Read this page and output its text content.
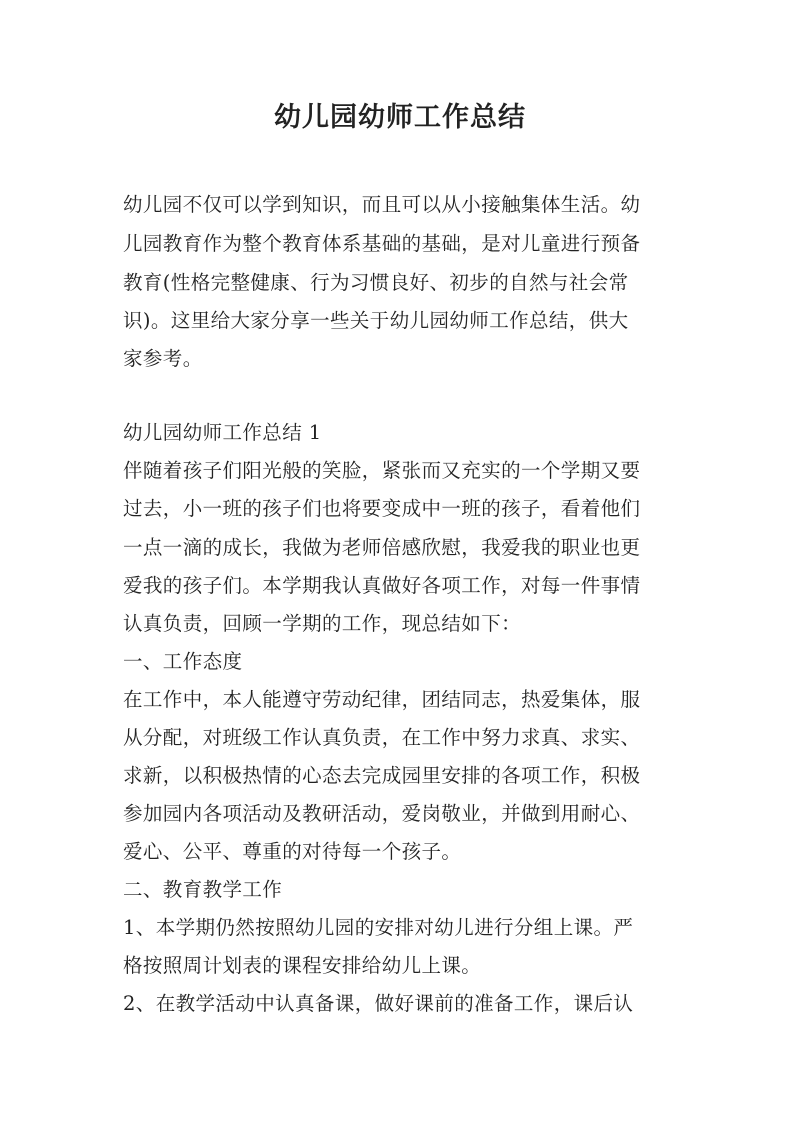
幼儿园幼师工作总结
幼儿园不仅可以学到知识，而且可以从小接触集体生活。幼
儿园教育作为整个教育体系基础的基础，是对儿童进行预备
教育(性格完整健康、行为习惯良好、初步的自然与社会常
识)。这里给大家分享一些关于幼儿园幼师工作总结，供大
家参考。
幼儿园幼师工作总结 1
伴随着孩子们阳光般的笑脸，紧张而又充实的一个学期又要
过去，小一班的孩子们也将要变成中一班的孩子，看着他们
一点一滴的成长，我做为老师倍感欣慰，我爱我的职业也更
爱我的孩子们。本学期我认真做好各项工作，对每一件事情
认真负责，回顾一学期的工作，现总结如下：
一、工作态度
在工作中，本人能遵守劳动纪律，团结同志，热爱集体，服
从分配，对班级工作认真负责，在工作中努力求真、求实、
求新，以积极热情的心态去完成园里安排的各项工作，积极
参加园内各项活动及教研活动，爱岗敬业，并做到用耐心、
爱心、公平、尊重的对待每一个孩子。
二、教育教学工作
1、本学期仍然按照幼儿园的安排对幼儿进行分组上课。严
格按照周计划表的课程安排给幼儿上课。
2、在教学活动中认真备课，做好课前的准备工作，课后认
